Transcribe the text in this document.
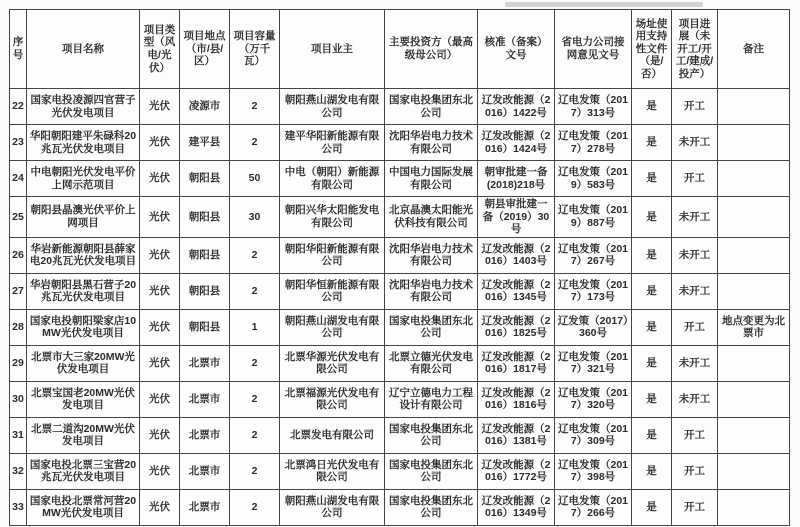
序号	项目名称	项目类型（风电/光伏）	项目地点（市/县/区）	项目容量（万千瓦）	项目业主	主要投资方（最高级母公司）	核准（备案）文号	省电力公司接网意见文号	场址使用支持性文件（是/否）	项目进展（未开工/开工/建成/投产）	备注
22	国家电投凌源四官营子光伏发电项目	光伏	凌源市	2	朝阳燕山湖发电有限公司	国家电投集团东北公司	辽发改能源（2016）1422号	辽电发策（2017）313号	是	开工	
23	华阳朝阳建平朱碌科20兆瓦光伏发电项目	光伏	建平县	2	建平华阳新能源有限公司	沈阳华岩电力技术有限公司	辽发改能源（2016）1424号	辽电发策（2017）278号	是	未开工	
24	中电朝阳光伏发电平价上网示范项目	光伏	朝阳县	50	中电（朝阳）新能源有限公司	中国电力国际发展有限公司	朝审批建一备(2018)218号	辽电发策（2019）583号	是	开工	
25	朝阳县晶澳光伏平价上网项目	光伏	朝阳县	30	朝阳兴华太阳能发电有限公司	北京晶澳太阳能光伏科技有限公司	朝县审批建一备（2019）30号	辽电发策（2019）887号	是	未开工	
26	华岩新能源朝阳县薛家电20兆瓦光伏发电项目	光伏	朝阳县	2	朝阳华阳新能源有限公司	沈阳华岩电力技术有限公司	辽发改能源（2016）1403号	辽电发策（2017）267号	是	未开工	
27	华岩朝阳县黑石营子20兆瓦光伏发电项目	光伏	朝阳县	2	朝阳华恒新能源有限公司	沈阳华岩电力技术有限公司	辽发改能源（2016）1345号	辽电发策（2017）173号	是	未开工	
28	国家电投朝阳梁家店10MW光伏发电项目	光伏	朝阳县	1	朝阳燕山湖发电有限公司	国家电投集团东北公司	辽发改能源（2016）1825号	辽发策（2017）360号	是	开工	地点变更为北票市
29	北票市大三家20MW光伏发电项目	光伏	北票市	2	北票华源光伏发电有限公司	北票立德光伏发电有限公司	辽发改能源（2016）1817号	辽电发策（2017）321号	是	未开工	
30	北票宝国老20MW光伏发电项目	光伏	北票市	2	北票福源光伏发电有限公司	辽宁立德电力工程设计有限公司	辽发改能源（2016）1816号	辽电发策（2017）320号	是	未开工	
31	北票二道沟20MW光伏发电项目	光伏	北票市	2	北票发电有限公司	国家电投集团东北公司	辽发改能源（2016）1381号	辽电发策（2017）309号	是	开工	
32	国家电投北票三宝营20兆瓦光伏发电项目	光伏	北票市	2	北票鸿日光伏发电有限公司	国家电投集团东北公司	辽发改能源（2016）1772号	辽电发策（2017）398号	是	开工	
33	国家电投北票常河营20MW光伏发电项目	光伏	北票市	2	朝阳燕山湖发电有限公司	国家电投集团东北公司	辽发改能源（2016）1349号	辽电发策（2017）266号	是	开工	
